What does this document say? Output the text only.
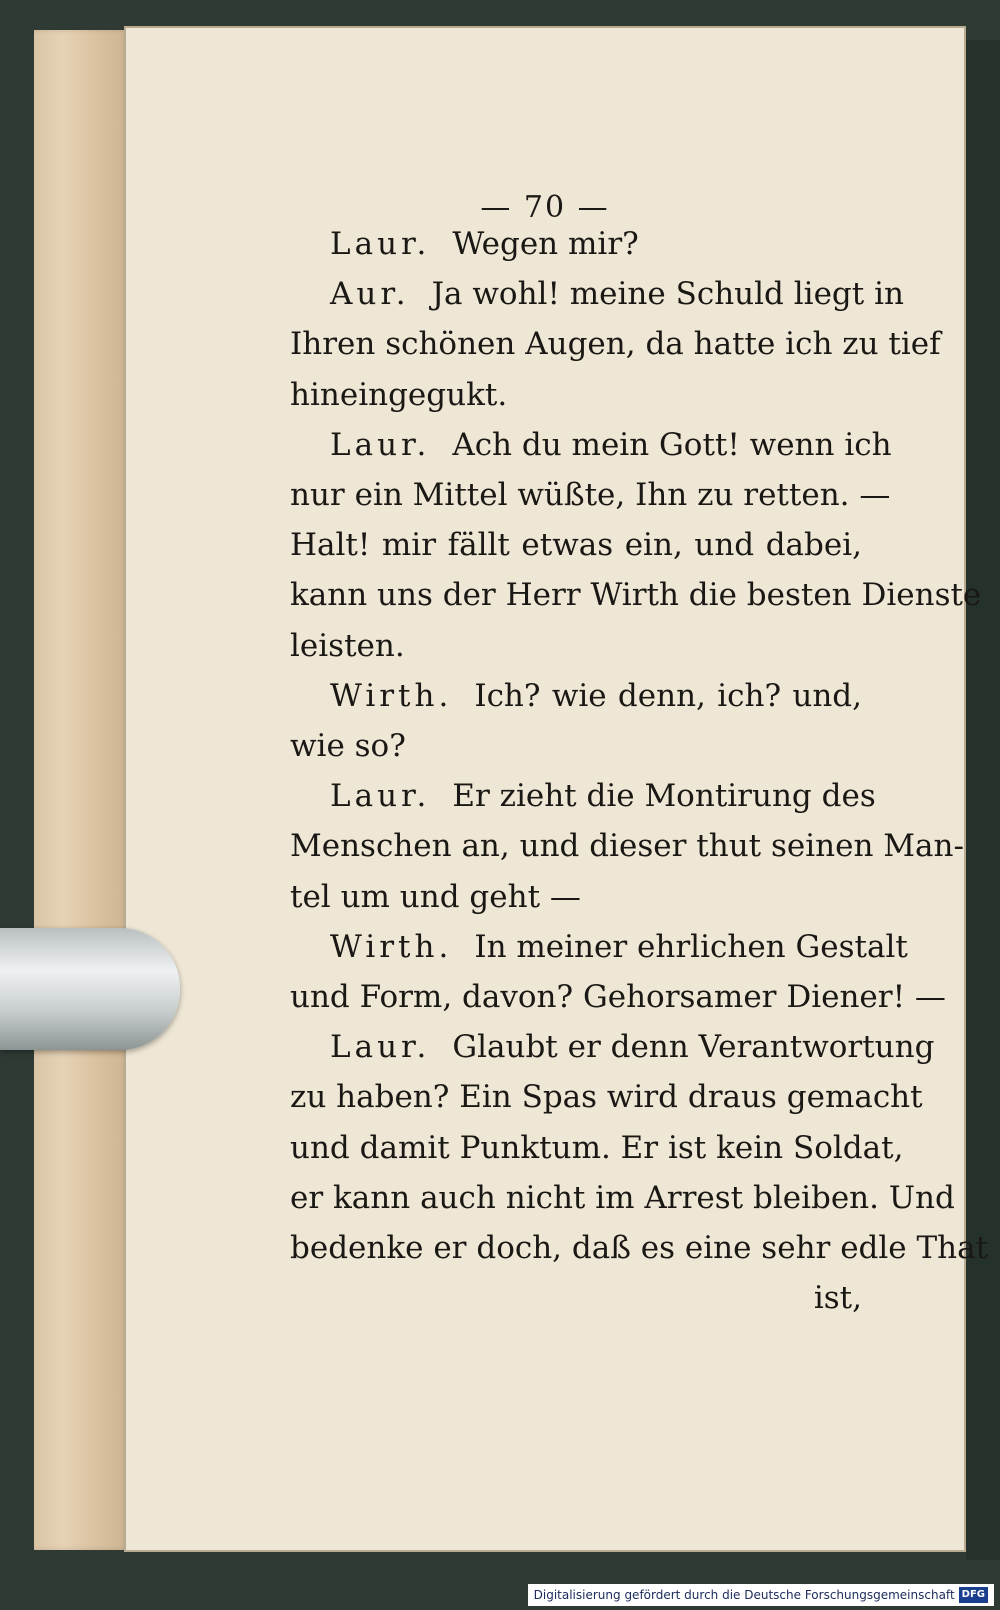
— 70 —
Laur. Wegen mir?
Aur. Ja wohl! meine Schuld liegt in
Ihren schönen Augen, da hatte ich zu tief
hineingegukt.
Laur. Ach du mein Gott! wenn ich
nur ein Mittel wüßte, Ihn zu retten. —
Halt! mir fällt etwas ein, und dabei,
kann uns der Herr Wirth die besten Dienste
leisten.
Wirth. Ich? wie denn, ich? und,
wie so?
Laur. Er zieht die Montirung des
Menschen an, und dieser thut seinen Man-
tel um und geht —
Wirth. In meiner ehrlichen Gestalt
und Form, davon? Gehorsamer Diener! —
Laur. Glaubt er denn Verantwortung
zu haben? Ein Spas wird draus gemacht
und damit Punktum. Er ist kein Soldat,
er kann auch nicht im Arrest bleiben. Und
bedenke er doch, daß es eine sehr edle That
ist,
Digitalisierung gefördert durch die Deutsche Forschungsgemeinschaft DFG
